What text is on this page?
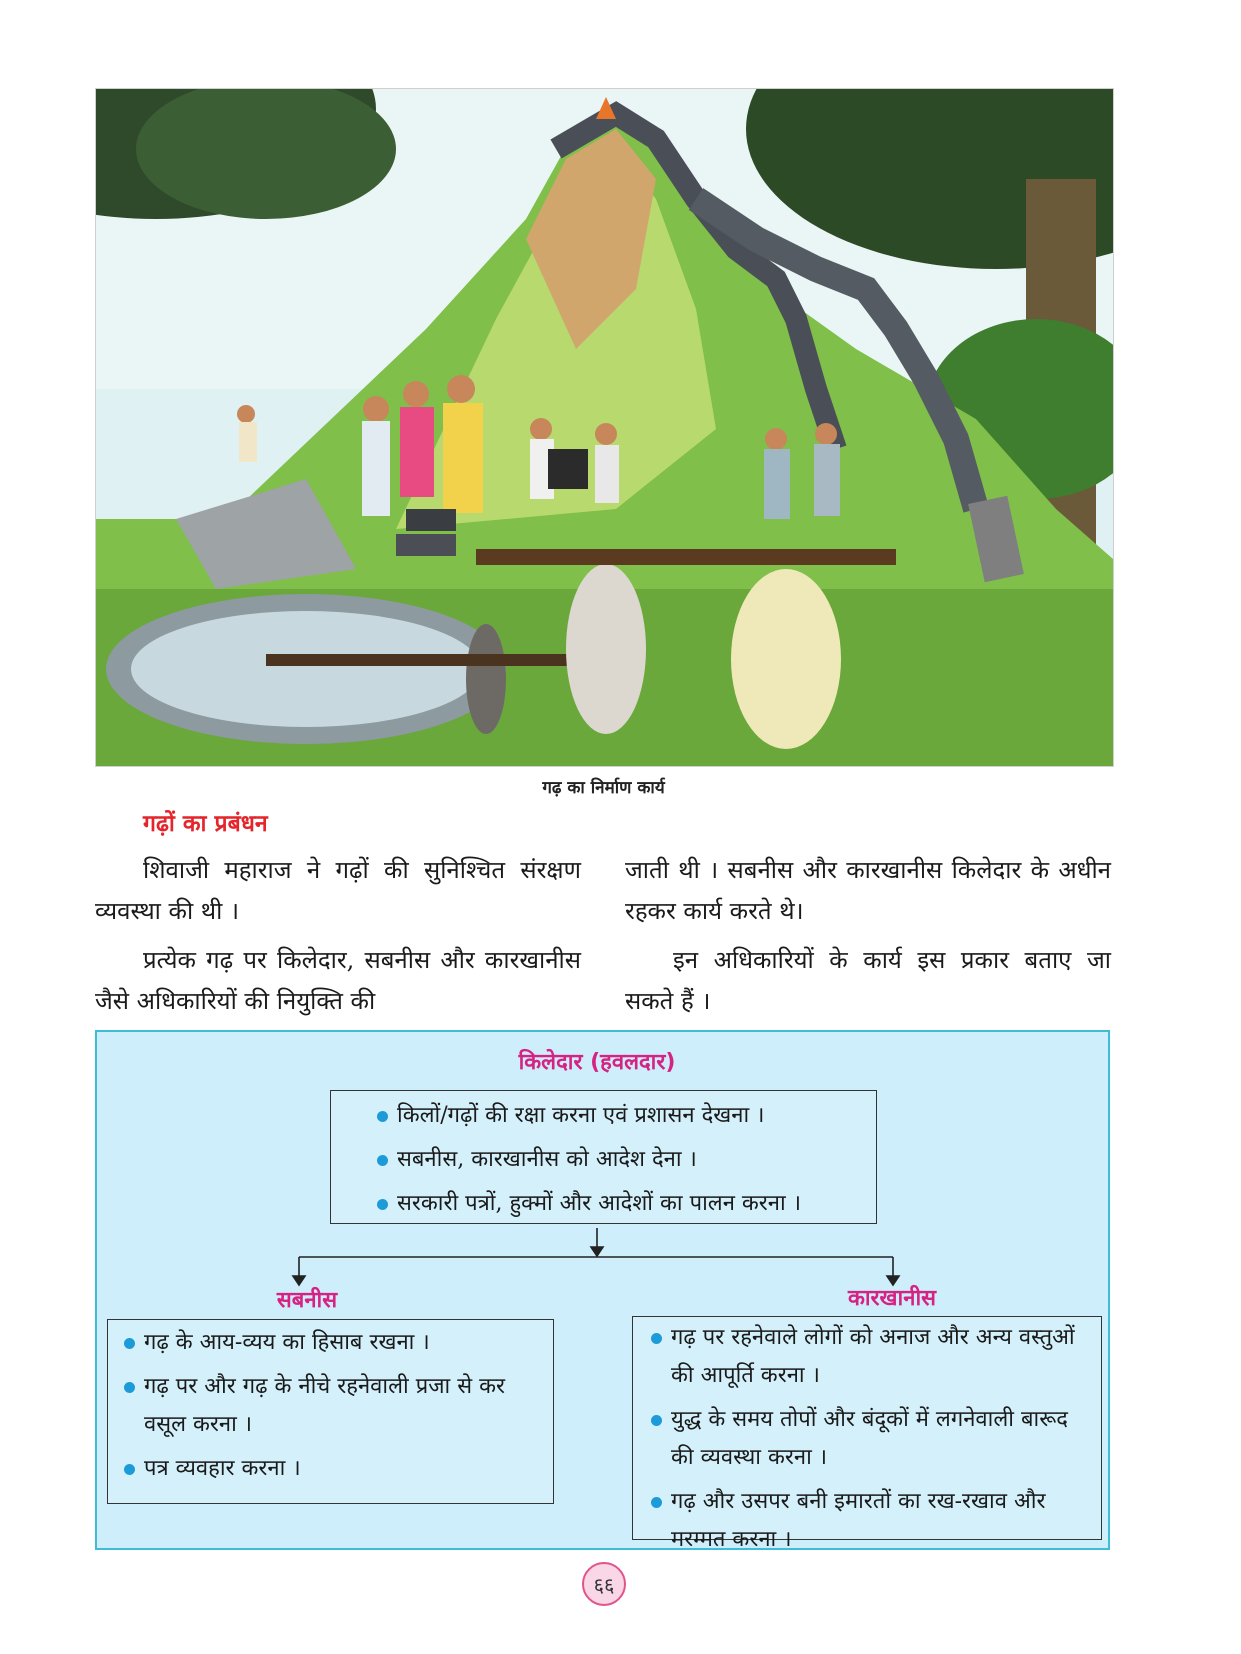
गढ़ का निर्माण कार्य
गढ़ों का प्रबंधन

शिवाजी महाराज ने गढ़ों की सुनिश्चित संरक्षण व्यवस्था की थी ।

प्रत्येक गढ़ पर किलेदार, सबनीस और कारखानीस जैसे अधिकारियों की नियुक्ति की

जाती थी । सबनीस और कारखानीस किलेदार के अधीन रहकर कार्य करते थे।

इन अधिकारियों के कार्य इस प्रकार बताए जा सकते हैं ।

किलेदार (हवलदार)
किलों/गढ़ों की रक्षा करना एवं प्रशासन देखना ।
सबनीस, कारखानीस को आदेश देना ।
सरकारी पत्रों, हुक्मों और आदेशों का पालन करना ।
सबनीस
गढ़ के आय-व्यय का हिसाब रखना ।
गढ़ पर और गढ़ के नीचे रहनेवाली प्रजा से कर वसूल करना ।
पत्र व्यवहार करना ।
कारखानीस
गढ़ पर रहनेवाले लोगों को अनाज और अन्य वस्तुओं की आपूर्ति करना ।
युद्ध के समय तोपों और बंदूकों में लगनेवाली बारूद की व्यवस्था करना ।
गढ़ और उसपर बनी इमारतों का रख-रखाव और मरम्मत करना ।
६६
